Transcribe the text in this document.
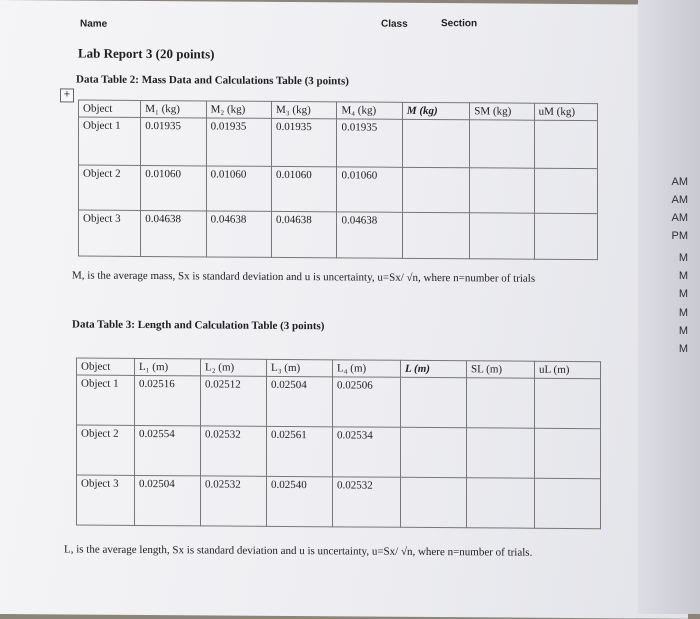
Name	Class	Section
Lab Report 3 (20 points)
Data Table 2: Mass Data and Calculations Table (3 points)
+
Object	M₁ (kg)	M₂ (kg)	M₃ (kg)	M₄ (kg)	M (kg)	SM (kg)	uM (kg)
Object 1	0.01935	0.01935	0.01935	0.01935			
Object 2	0.01060	0.01060	0.01060	0.01060			
Object 3	0.04638	0.04638	0.04638	0.04638			
M, is the average mass, Sx is standard deviation and u is uncertainty, u=Sx/ √n, where n=number of trials
Data Table 3: Length and Calculation Table (3 points)
Object	L₁ (m)	L₂ (m)	L₃ (m)	L₄ (m)	L (m)	SL (m)	uL (m)
Object 1	0.02516	0.02512	0.02504	0.02506			
Object 2	0.02554	0.02532	0.02561	0.02534			
Object 3	0.02504	0.02532	0.02540	0.02532			
L, is the average length, Sx is standard deviation and u is uncertainty, u=Sx/ √n, where n=number of trials.
AM
AM
AM
PM
M
M
M
M
M
M
